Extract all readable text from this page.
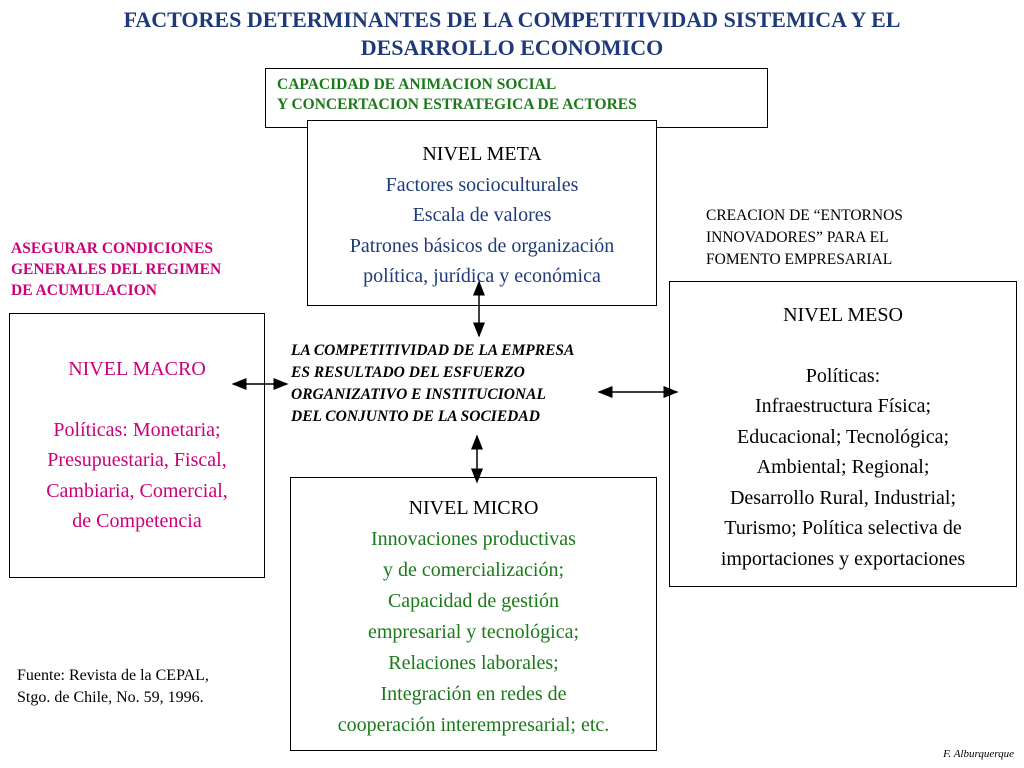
FACTORES DETERMINANTES DE LA COMPETITIVIDAD SISTEMICA Y EL
DESARROLLO ECONOMICO
CAPACIDAD DE ANIMACION SOCIAL
Y CONCERTACION ESTRATEGICA DE ACTORES
NIVEL META
Factores socioculturales
Escala de valores
Patrones básicos de organización
política, jurídica y económica
ASEGURAR CONDICIONES
GENERALES DEL REGIMEN
DE ACUMULACION
NIVEL MACRO
Políticas: Monetaria;
Presupuestaria, Fiscal,
Cambiaria, Comercial,
de Competencia
LA COMPETITIVIDAD DE LA EMPRESA
ES RESULTADO DEL ESFUERZO
ORGANIZATIVO E INSTITUCIONAL
DEL CONJUNTO DE LA SOCIEDAD
CREACION DE “ENTORNOS
INNOVADORES” PARA EL
FOMENTO EMPRESARIAL
NIVEL MESO
Políticas:
Infraestructura Física;
Educacional; Tecnológica;
Ambiental; Regional;
Desarrollo Rural, Industrial;
Turismo; Política selectiva de
importaciones y exportaciones
NIVEL MICRO
Innovaciones productivas
y de comercialización;
Capacidad de gestión
empresarial y tecnológica;
Relaciones laborales;
Integración en redes de
cooperación interempresarial; etc.
Fuente: Revista de la CEPAL,
Stgo. de Chile, No. 59, 1996.
F. Alburquerque
